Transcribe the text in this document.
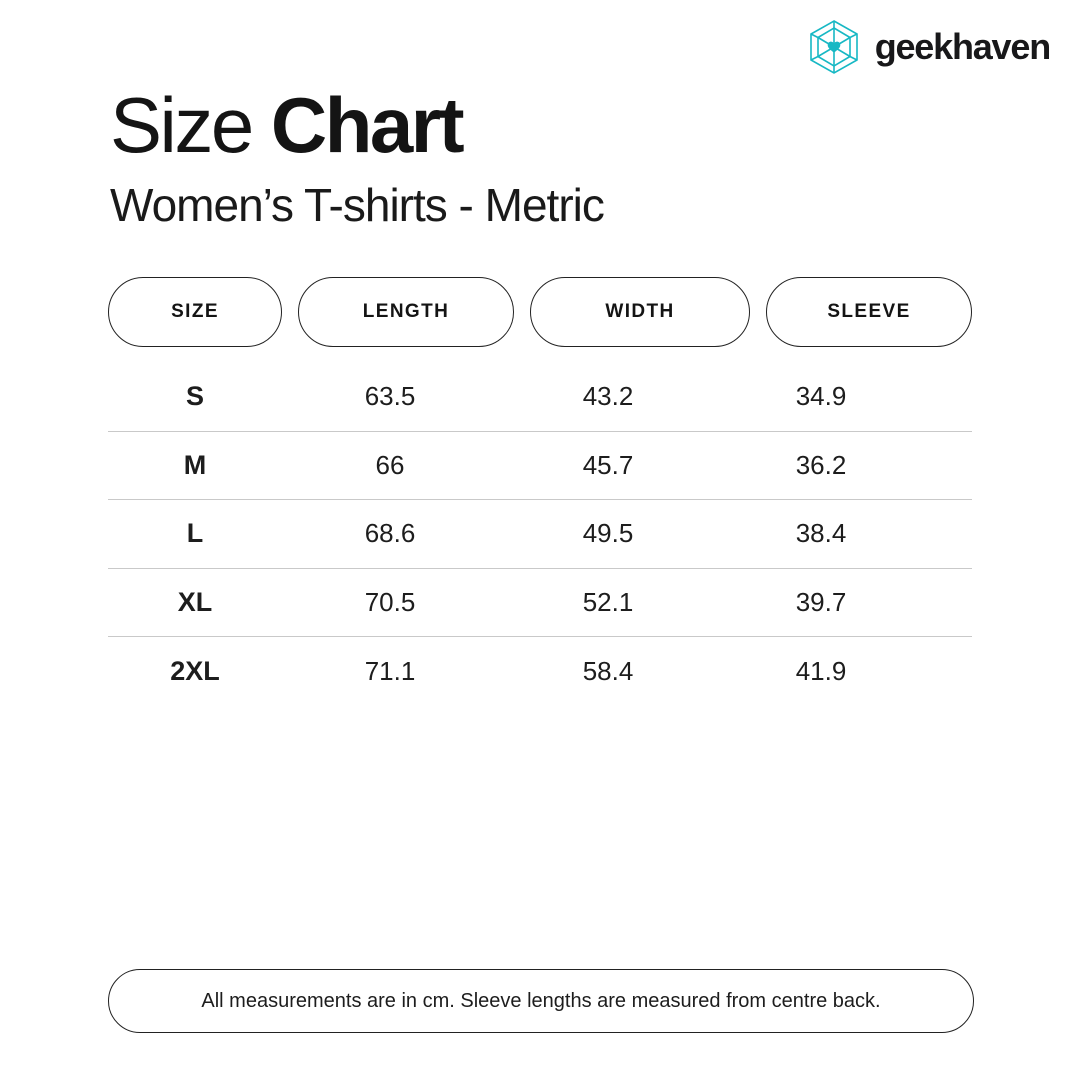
geekhaven
Size Chart
Women’s T-shirts - Metric
SIZE	LENGTH	WIDTH	SLEEVE
S	63.5	43.2	34.9
M	66	45.7	36.2
L	68.6	49.5	38.4
XL	70.5	52.1	39.7
2XL	71.1	58.4	41.9
All measurements are in cm. Sleeve lengths are measured from centre back.
